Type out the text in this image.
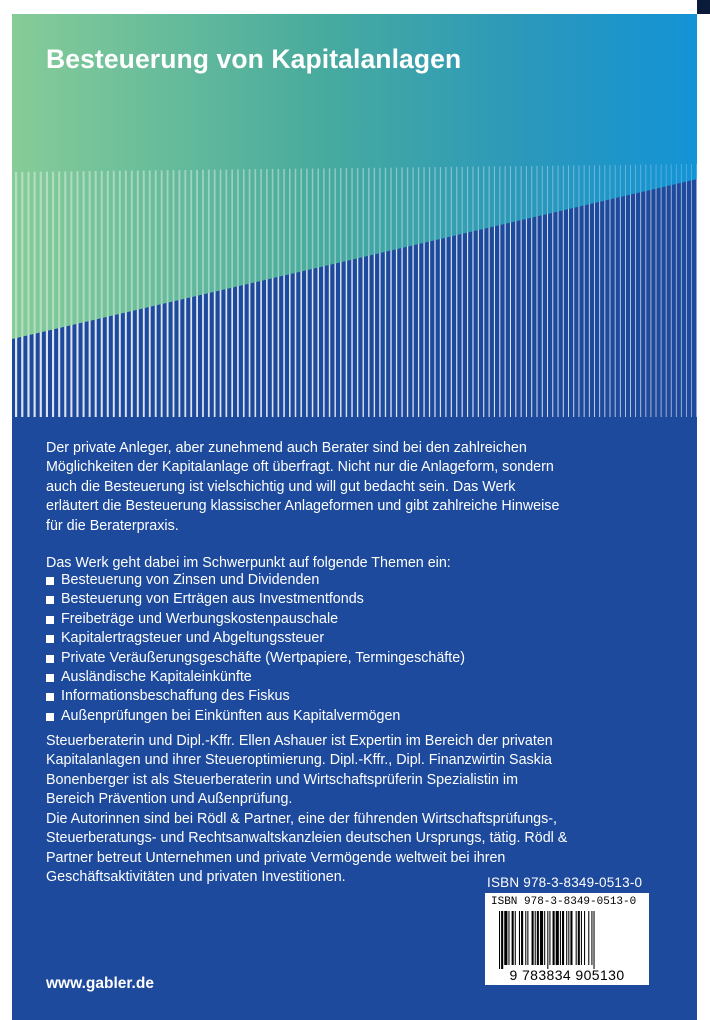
Besteuerung von Kapitalanlagen

Der private Anleger, aber zunehmend auch Berater sind bei den zahlreichen Möglichkeiten der Kapitalanlage oft überfragt. Nicht nur die Anlageform, sondern auch die Besteuerung ist vielschichtig und will gut bedacht sein. Das Werk erläutert die Besteuerung klassischer Anlageformen und gibt zahlreiche Hinweise für die Beraterpraxis.

Das Werk geht dabei im Schwerpunkt auf folgende Themen ein:

Besteuerung von Zinsen und Dividenden
Besteuerung von Erträgen aus Investmentfonds
Freibeträge und Werbungskostenpauschale
Kapitalertragsteuer und Abgeltungssteuer
Private Veräußerungsgeschäfte (Wertpapiere, Termingeschäfte)
Ausländische Kapitaleinkünfte
Informationsbeschaffung des Fiskus
Außenprüfungen bei Einkünften aus Kapitalvermögen

Steuerberaterin und Dipl.-Kffr. Ellen Ashauer ist Expertin im Bereich der privaten Kapitalanlagen und ihrer Steueroptimierung. Dipl.-Kffr., Dipl. Finanzwirtin Saskia Bonenberger ist als Steuerberaterin und Wirtschaftsprüferin Spezialistin im Bereich Prävention und Außenprüfung.

Die Autorinnen sind bei Rödl & Partner, eine der führenden Wirtschaftsprüfungs-, Steuerberatungs- und Rechtsanwaltskanzleien deutschen Ursprungs, tätig. Rödl & Partner betreut Unternehmen und private Vermögende weltweit bei ihren Geschäftsaktivitäten und privaten Investitionen.	ISBN 978-3-8349-0513-0
ISBN 978-3-8349-0513-0
9 783834 905130
www.gabler.de
